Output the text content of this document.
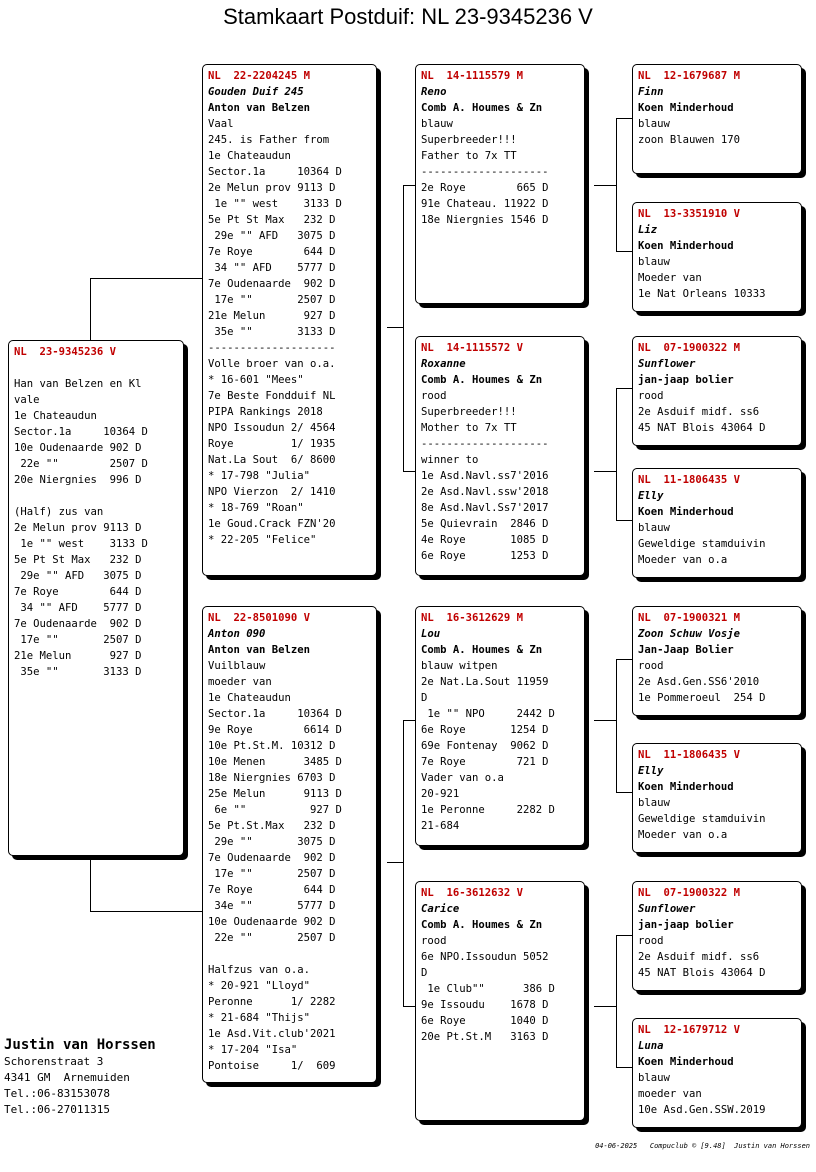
Stamkaart Postduif: NL 23-9345236 V
NL  23-9345236 V
Han van Belzen en Kl
vale
1e Chateaudun
Sector.1a     10364 D
10e Oudenaarde 902 D
22e ""        2507 D
20e Niergnies  996 D
(Half) zus van
2e Melun prov 9113 D
1e "" west    3133 D
5e Pt St Max   232 D
29e "" AFD   3075 D
7e Roye        644 D
34 "" AFD    5777 D
7e Oudenaarde  902 D
17e ""       2507 D
21e Melun      927 D
35e ""       3133 D
NL  22-2204245 M
Gouden Duif 245
Anton van Belzen
Vaal
245. is Father from
1e Chateaudun
Sector.1a     10364 D
2e Melun prov 9113 D
1e "" west    3133 D
5e Pt St Max   232 D
29e "" AFD   3075 D
7e Roye        644 D
34 "" AFD    5777 D
7e Oudenaarde  902 D
17e ""       2507 D
21e Melun      927 D
35e ""       3133 D
--------------------
Volle broer van o.a.
* 16-601 "Mees"
7e Beste Fondduif NL
PIPA Rankings 2018
NPO Issoudun 2/ 4564
Roye         1/ 1935
Nat.La Sout  6/ 8600
* 17-798 "Julia"
NPO Vierzon  2/ 1410
* 18-769 "Roan"
1e Goud.Crack FZN'20
* 22-205 "Felice"
NL  22-8501090 V
Anton 090
Anton van Belzen
Vuilblauw
moeder van
1e Chateaudun
Sector.1a     10364 D
9e Roye        6614 D
10e Pt.St.M. 10312 D
10e Menen      3485 D
18e Niergnies 6703 D
25e Melun      9113 D
6e ""          927 D
5e Pt.St.Max   232 D
29e ""       3075 D
7e Oudenaarde  902 D
17e ""       2507 D
7e Roye        644 D
34e ""       5777 D
10e Oudenaarde 902 D
22e ""       2507 D
Halfzus van o.a.
* 20-921 "Lloyd"
Peronne      1/ 2282
* 21-684 "Thijs"
1e Asd.Vit.club'2021
* 17-204 "Isa"
Pontoise     1/  609
NL  14-1115579 M
Reno
Comb A. Houmes & Zn
blauw
Superbreeder!!!
Father to 7x TT
--------------------
2e Roye        665 D
91e Chateau. 11922 D
18e Niergnies 1546 D
NL  14-1115572 V
Roxanne
Comb A. Houmes & Zn
rood
Superbreeder!!!
Mother to 7x TT
--------------------
winner to
1e Asd.Navl.ss7'2016
2e Asd.Navl.ssw'2018
8e Asd.Navl.Ss7'2017
5e Quievrain  2846 D
4e Roye       1085 D
6e Roye       1253 D
NL  16-3612629 M
Lou
Comb A. Houmes & Zn
blauw witpen
2e Nat.La.Sout 11959
D
1e "" NPO     2442 D
6e Roye       1254 D
69e Fontenay  9062 D
7e Roye        721 D
Vader van o.a
20-921
1e Peronne     2282 D
21-684
NL  16-3612632 V
Carice
Comb A. Houmes & Zn
rood
6e NPO.Issoudun 5052
D
1e Club""      386 D
9e Issoudu    1678 D
6e Roye       1040 D
20e Pt.St.M   3163 D
NL  12-1679687 M
Finn
Koen Minderhoud
blauw
zoon Blauwen 170
NL  13-3351910 V
Liz
Koen Minderhoud
blauw
Moeder van
1e Nat Orleans 10333
NL  07-1900322 M
Sunflower
jan-jaap bolier
rood
2e Asduif midf. ss6
45 NAT Blois 43064 D
NL  11-1806435 V
Elly
Koen Minderhoud
blauw
Geweldige stamduivin
Moeder van o.a
NL  07-1900321 M
Zoon Schuw Vosje
Jan-Jaap Bolier
rood
2e Asd.Gen.SS6'2010
1e Pommeroeul  254 D
NL  11-1806435 V
Elly
Koen Minderhoud
blauw
Geweldige stamduivin
Moeder van o.a
NL  07-1900322 M
Sunflower
jan-jaap bolier
rood
2e Asduif midf. ss6
45 NAT Blois 43064 D
NL  12-1679712 V
Luna
Koen Minderhoud
blauw
moeder van
10e Asd.Gen.SSW.2019
Justin van Horssen
Schorenstraat 3
4341 GM  Arnemuiden
Tel.:06-83153078
Tel.:06-27011315
04-06-2025   Compuclub © [9.48]  Justin van Horssen
